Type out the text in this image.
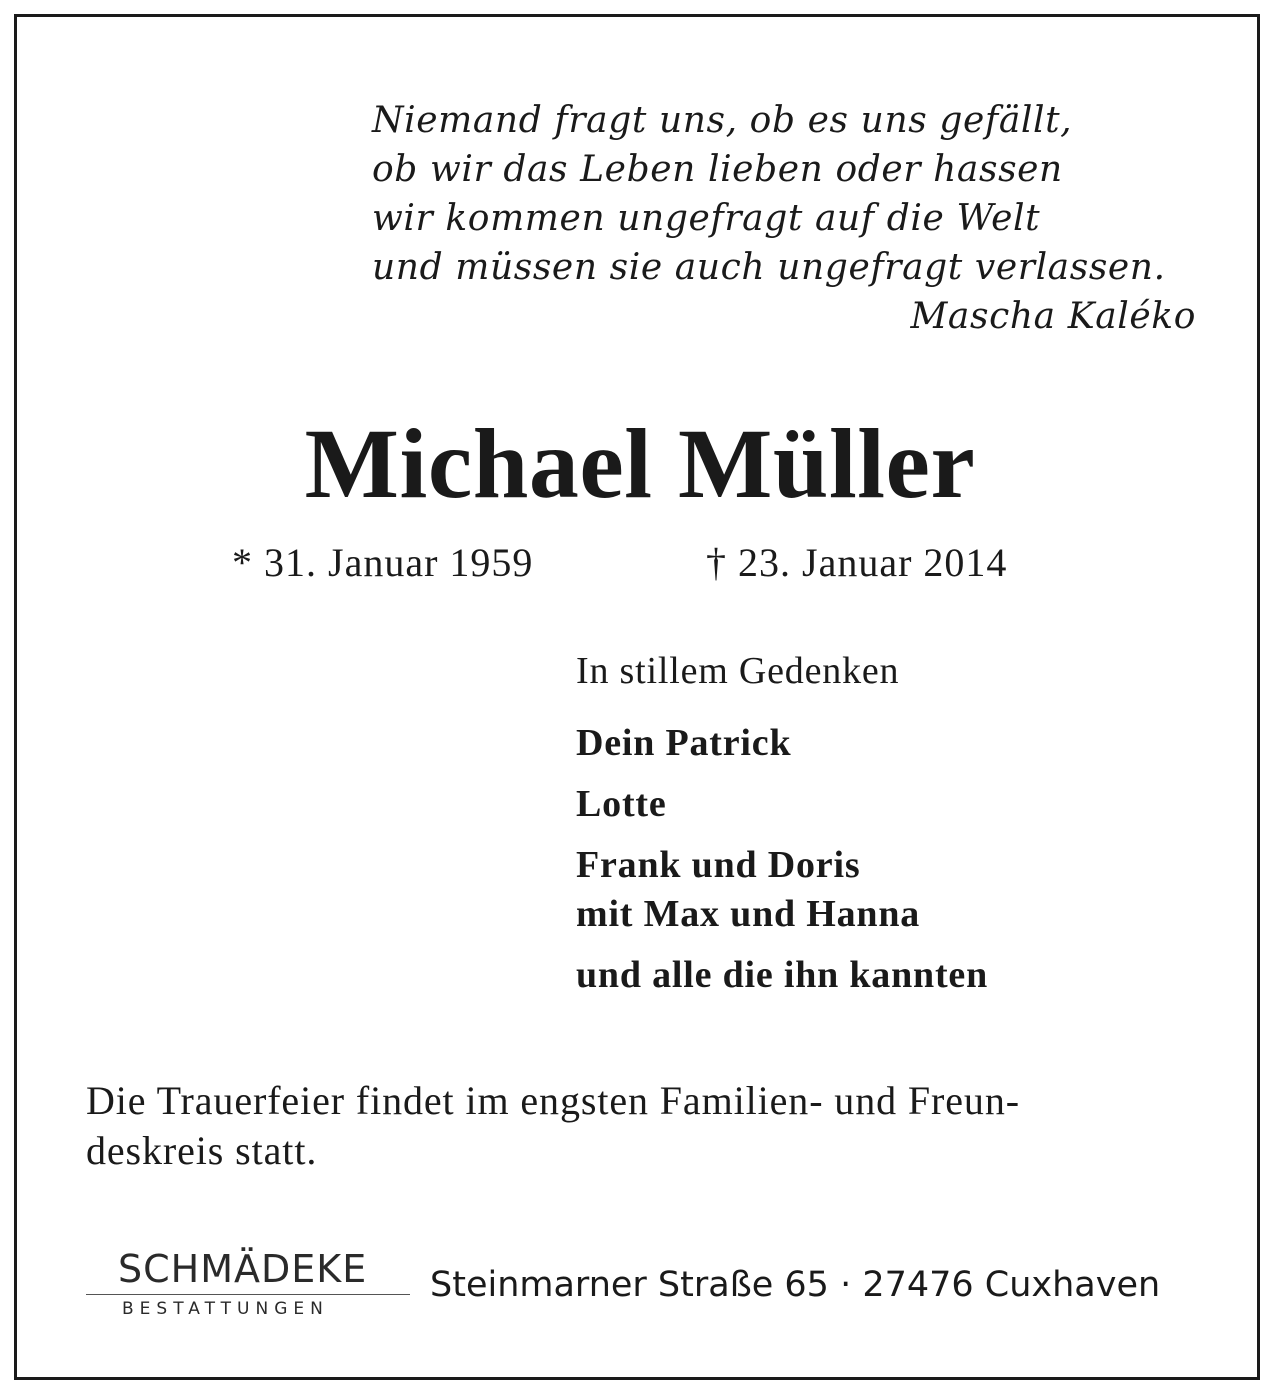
Niemand fragt uns, ob es uns gefällt,
ob wir das Leben lieben oder hassen
wir kommen ungefragt auf die Welt
und müssen sie auch ungefragt verlassen.
Mascha Kaléko
Michael Müller
* 31. Januar 1959	† 23. Januar 2014
In stillem Gedenken
Dein Patrick
Lotte
Frank und Doris
mit Max und Hanna
und alle die ihn kannten
Die Trauerfeier findet im engsten Familien- und Freun-
deskreis statt.
SCHMÄDEKE
BESTATTUNGEN
Steinmarner Straße 65 · 27476 Cuxhaven
